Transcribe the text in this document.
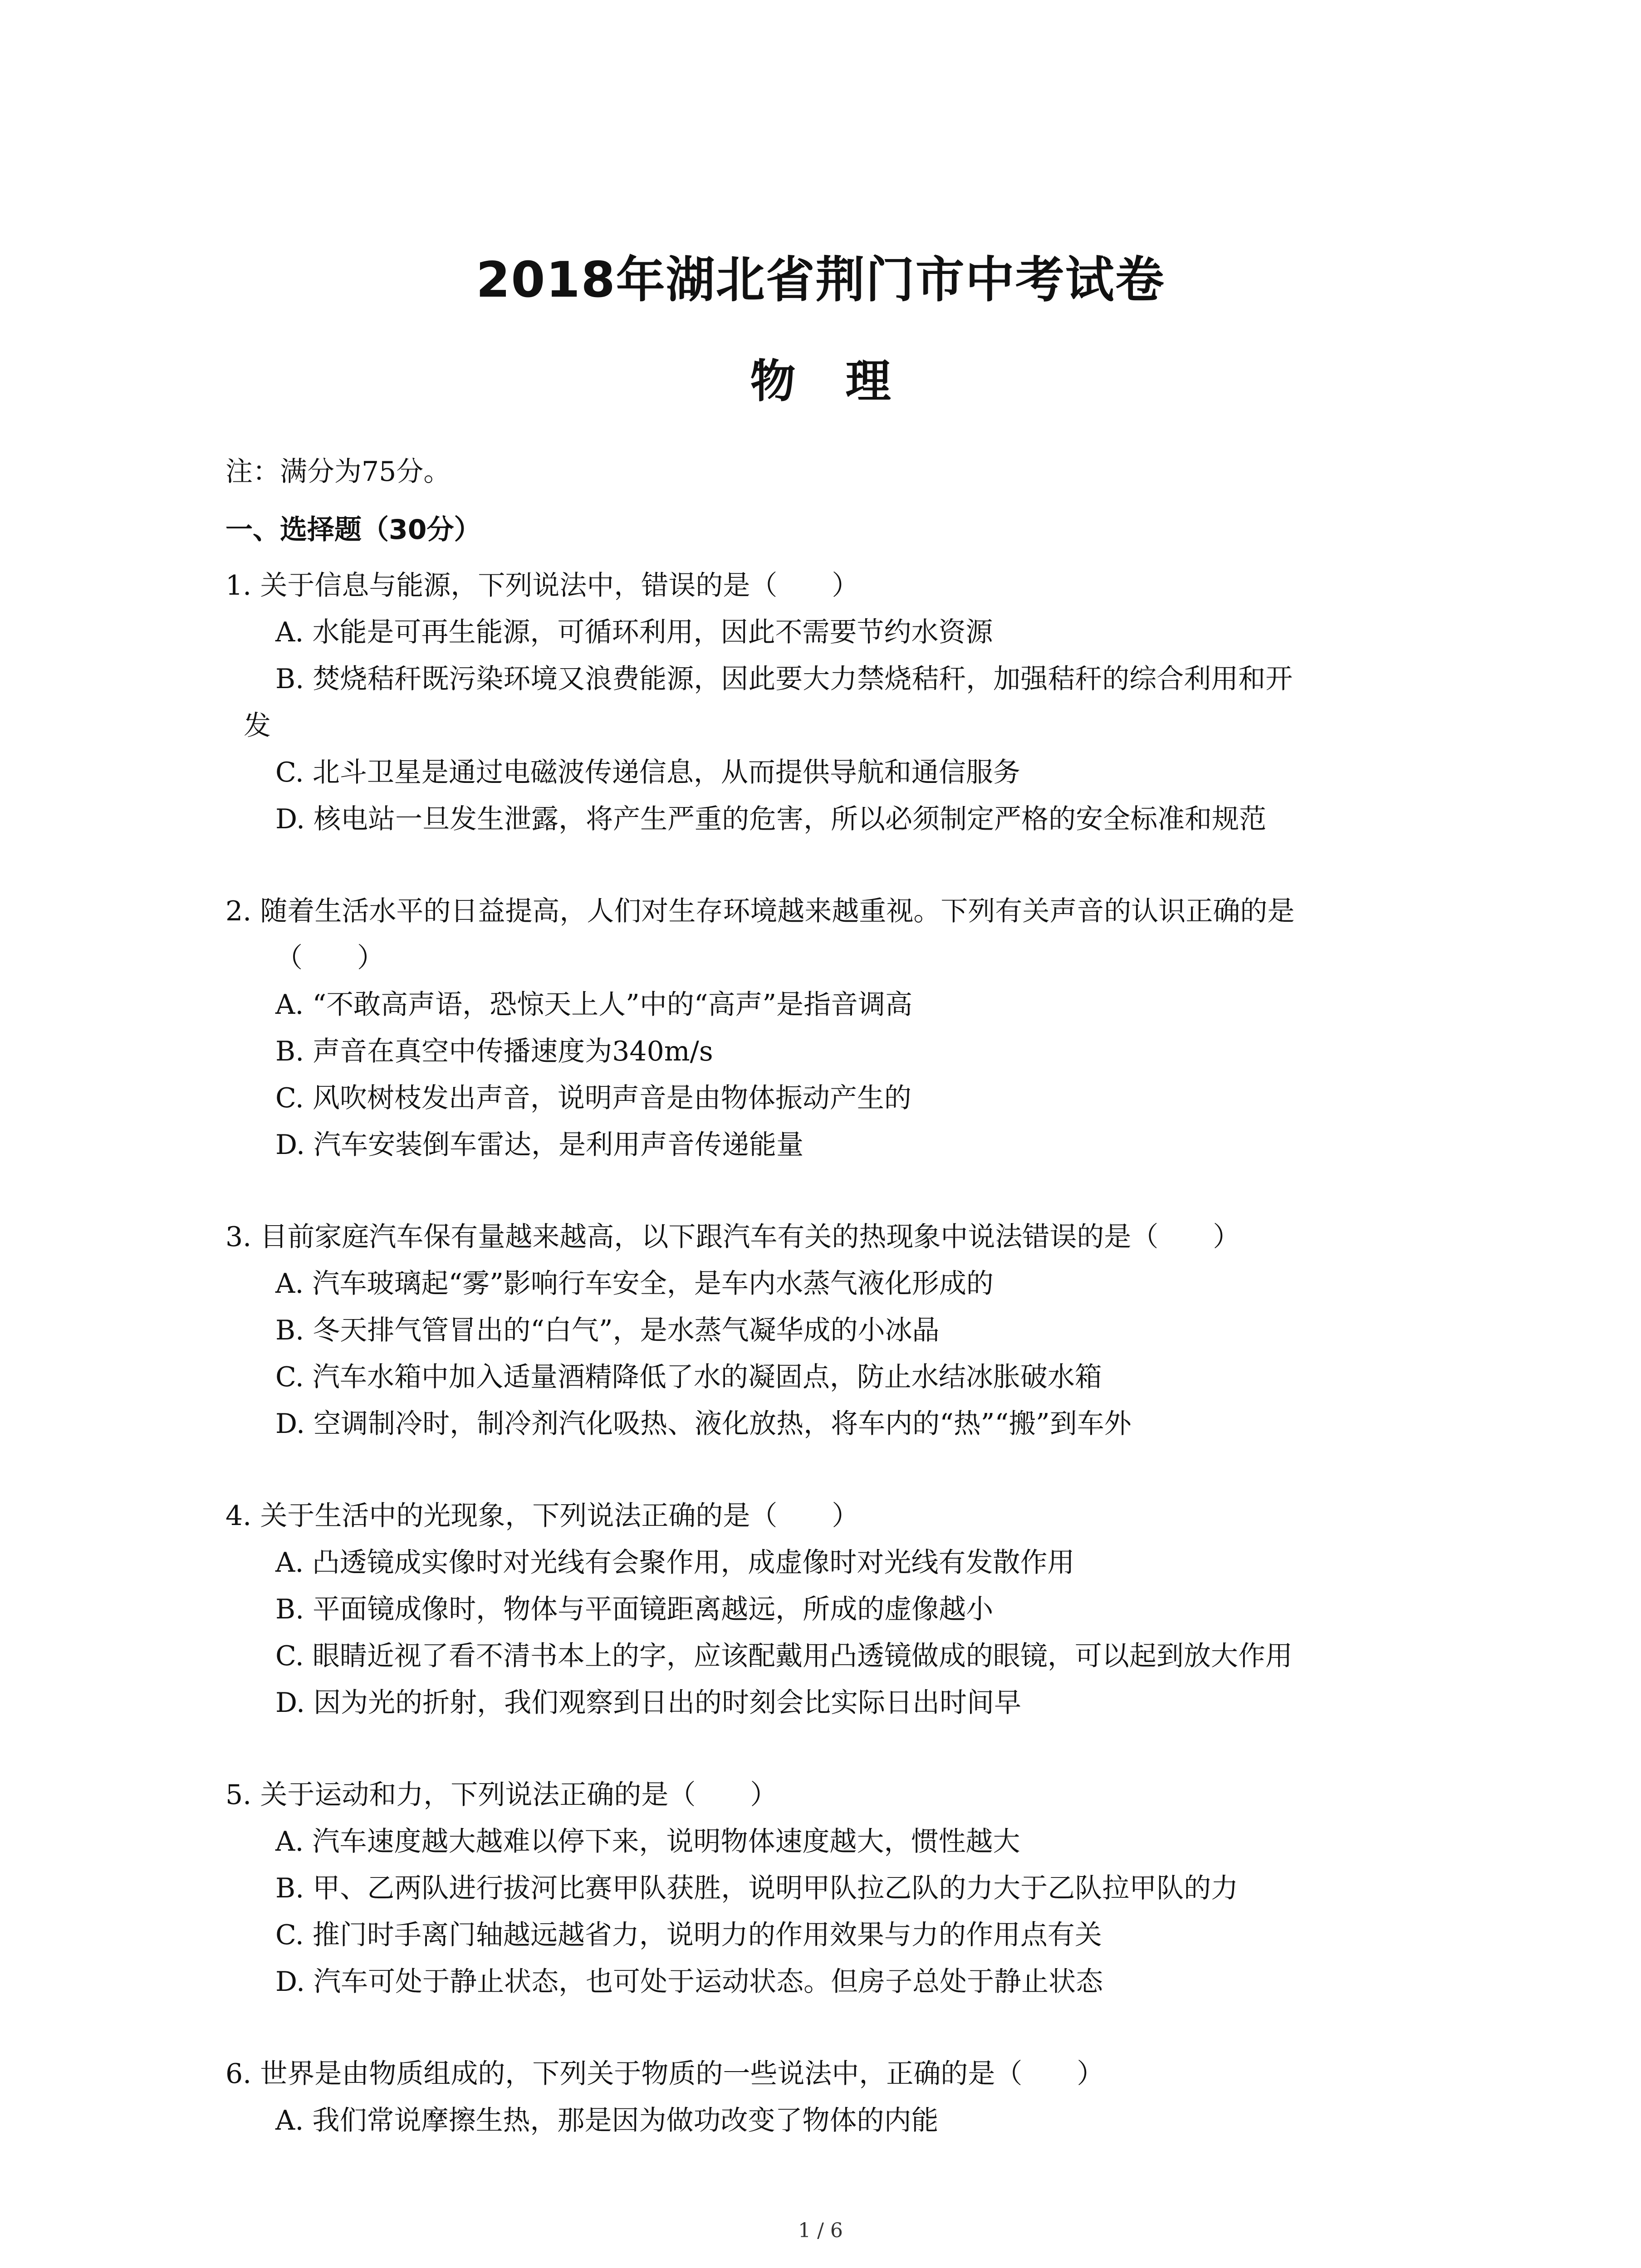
2018年湖北省荆门市中考试卷
物理
注：满分为75分。
一、选择题（30分）
1. 关于信息与能源，下列说法中，错误的是（　　）
A. 水能是可再生能源，可循环利用，因此不需要节约水资源
B. 焚烧秸秆既污染环境又浪费能源，因此要大力禁烧秸秆，加强秸秆的综合利用和开
发
C. 北斗卫星是通过电磁波传递信息，从而提供导航和通信服务
D. 核电站一旦发生泄露，将产生严重的危害，所以必须制定严格的安全标准和规范
2. 随着生活水平的日益提高，人们对生存环境越来越重视。下列有关声音的认识正确的是
（　　）
A. “不敢高声语，恐惊天上人”中的“高声”是指音调高
B. 声音在真空中传播速度为340m/s
C. 风吹树枝发出声音，说明声音是由物体振动产生的
D. 汽车安装倒车雷达，是利用声音传递能量
3. 目前家庭汽车保有量越来越高，以下跟汽车有关的热现象中说法错误的是（　　）
A. 汽车玻璃起“雾”影响行车安全，是车内水蒸气液化形成的
B. 冬天排气管冒出的“白气”，是水蒸气凝华成的小冰晶
C. 汽车水箱中加入适量酒精降低了水的凝固点，防止水结冰胀破水箱
D. 空调制冷时，制冷剂汽化吸热、液化放热，将车内的“热”“搬”到车外
4. 关于生活中的光现象，下列说法正确的是（　　）
A. 凸透镜成实像时对光线有会聚作用，成虚像时对光线有发散作用
B. 平面镜成像时，物体与平面镜距离越远，所成的虚像越小
C. 眼睛近视了看不清书本上的字，应该配戴用凸透镜做成的眼镜，可以起到放大作用
D. 因为光的折射，我们观察到日出的时刻会比实际日出时间早
5. 关于运动和力，下列说法正确的是（　　）
A. 汽车速度越大越难以停下来，说明物体速度越大，惯性越大
B. 甲、乙两队进行拔河比赛甲队获胜，说明甲队拉乙队的力大于乙队拉甲队的力
C. 推门时手离门轴越远越省力，说明力的作用效果与力的作用点有关
D. 汽车可处于静止状态，也可处于运动状态。但房子总处于静止状态
6. 世界是由物质组成的，下列关于物质的一些说法中，正确的是（　　）
A. 我们常说摩擦生热，那是因为做功改变了物体的内能
1 / 6
